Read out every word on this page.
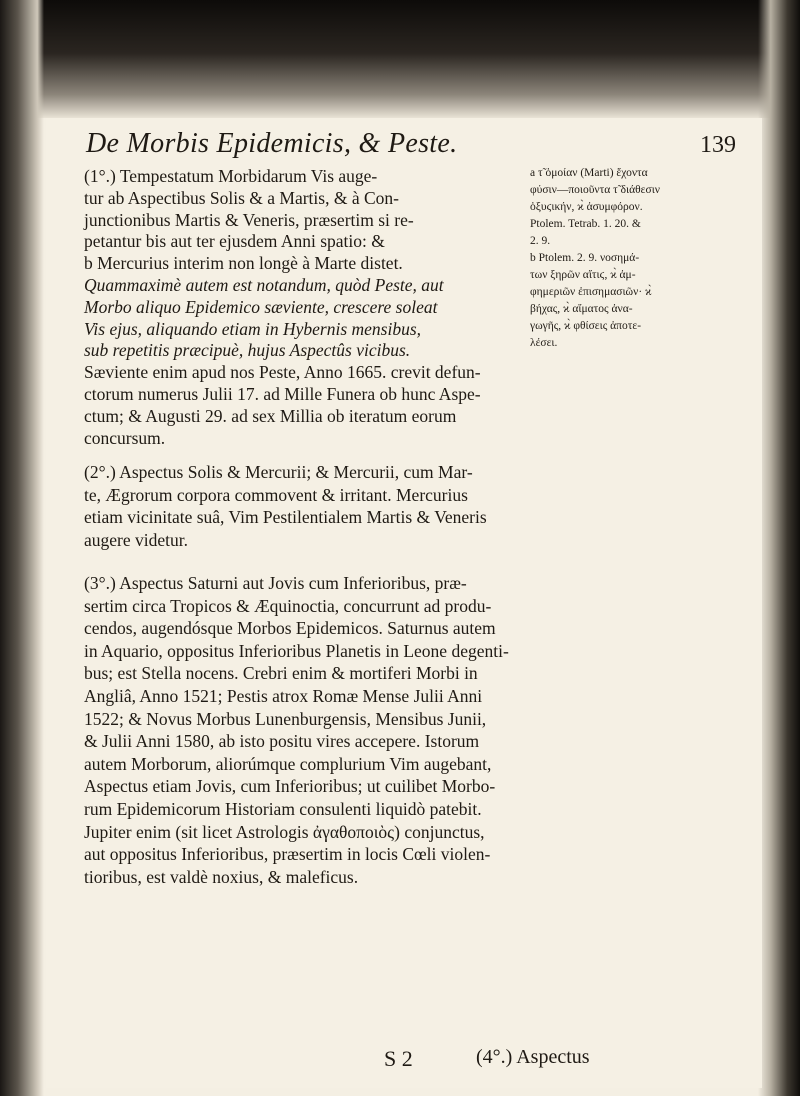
De Morbis Epidemicis, & Peste.	139
(1°.) Tempestatum Morbidarum Vis auge-
tur ab Aspectibus Solis & a Martis, & à Con-
junctionibus Martis & Veneris, præsertim si re-
petantur bis aut ter ejusdem Anni spatio: &
b Mercurius interim non longè à Marte distet.
Quammaximè autem est notandum, quòd Peste, aut
Morbo aliquo Epidemico sæviente, crescere soleat
Vis ejus, aliquando etiam in Hybernis mensibus,
a τ̃ ὁμοίαν (Marti) ἔχοντα
φύσιν—ποιοῦντα τ̃ διάθεσιν
ὁξυϛικήν, ϰ̀ ἀσυμφόρον.
Ptolem. Tetrab. 1. 20. &
2. 9.
b Ptolem. 2. 9. νοσημά-
των ξηρῶν αἴτιϛ, ϰ̀ ἀμ-
φημεριῶν ἐπισημασιῶν· ϰ̀
βήχας, ϰ̀ αἵματος ἀνα-
γωγῆς, ϰ̀ φθίσεις ἀποτε-
λέσει.
sub repetitis præcipuè, hujus Aspectûs vicibus.
Sæviente enim apud nos Peste, Anno 1665. crevit defun-
ctorum numerus Julii 17. ad Mille Funera ob hunc Aspe-
ctum; & Augusti 29. ad sex Millia ob iteratum eorum
concursum.
(2°.) Aspectus Solis & Mercurii; & Mercurii, cum Mar-
te, Ægrorum corpora commovent & irritant. Mercurius
etiam vicinitate suâ, Vim Pestilentialem Martis & Veneris
augere videtur.
(3°.) Aspectus Saturni aut Jovis cum Inferioribus, præ-
sertim circa Tropicos & Æquinoctia, concurrunt ad produ-
cendos, augendósque Morbos Epidemicos. Saturnus autem
in Aquario, oppositus Inferioribus Planetis in Leone degenti-
bus; est Stella nocens. Crebri enim & mortiferi Morbi in
Angliâ, Anno 1521; Pestis atrox Romæ Mense Julii Anni
1522; & Novus Morbus Lunenburgensis, Mensibus Junii,
& Julii Anni 1580, ab isto positu vires accepere. Istorum
autem Morborum, aliorúmque complurium Vim augebant,
Aspectus etiam Jovis, cum Inferioribus; ut cuilibet Morbo-
rum Epidemicorum Historiam consulenti liquidò patebit.
Jupiter enim (sit licet Astrologis ἀγαθοποιὸς) conjunctus,
aut oppositus Inferioribus, præsertim in locis Cœli violen-
tioribus, est valdè noxius, & maleficus.
S 2	(4°.) Aspectus
